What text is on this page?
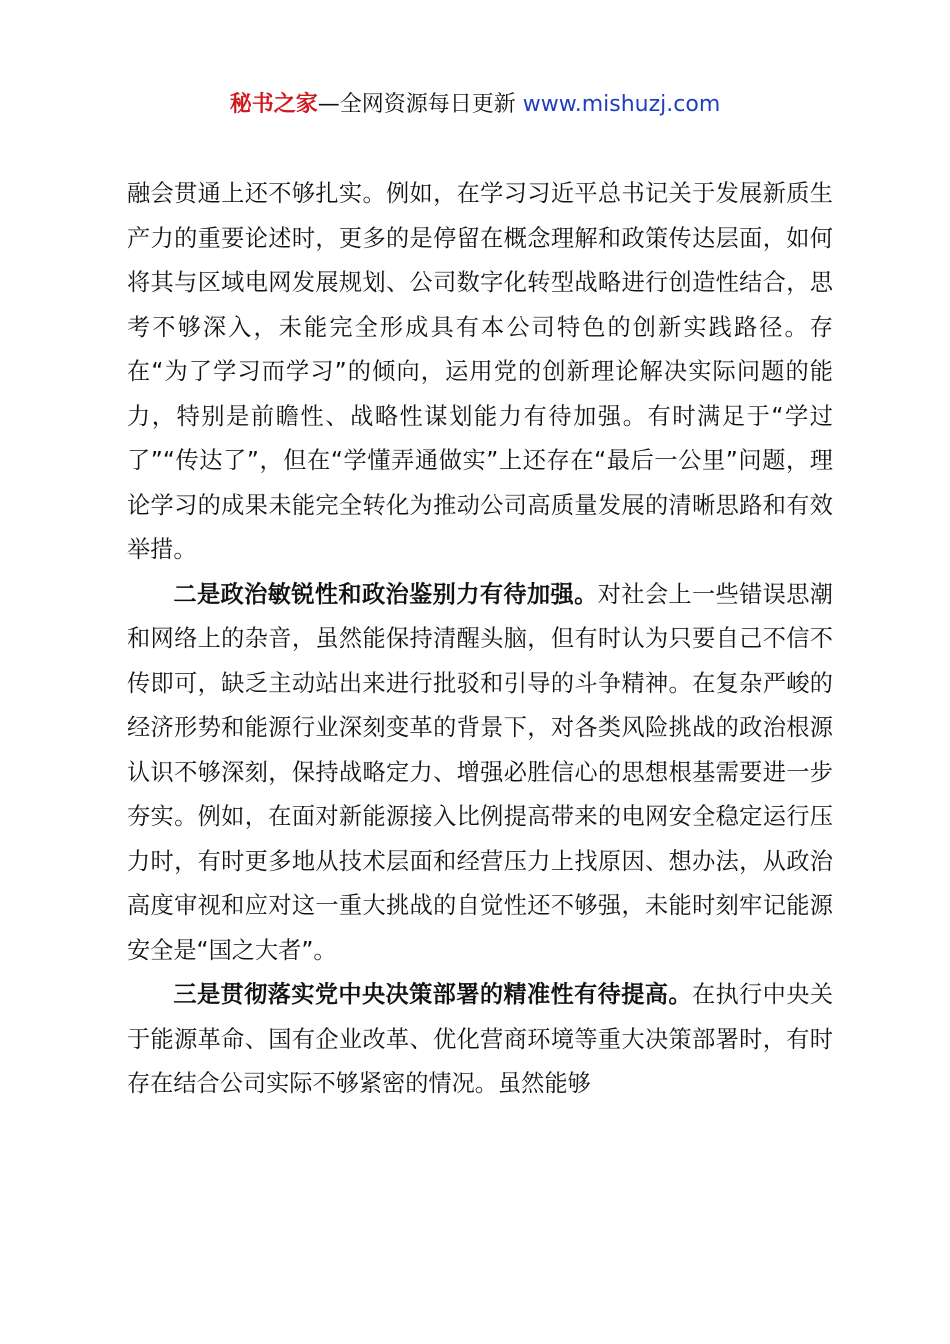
秘书之家—全网资源每日更新 www.mishuzj.com

融会贯通上还不够扎实。例如，在学习习近平总书记关于发展新质生产力的重要论述时，更多的是停留在概念理解和政策传达层面，如何将其与区域电网发展规划、公司数字化转型战略进行创造性结合，思考不够深入，未能完全形成具有本公司特色的创新实践路径。存在“为了学习而学习”的倾向，运用党的创新理论解决实际问题的能力，特别是前瞻性、战略性谋划能力有待加强。有时满足于“学过了”“传达了”，但在“学懂弄通做实”上还存在“最后一公里”问题，理论学习的成果未能完全转化为推动公司高质量发展的清晰思路和有效举措。

二是政治敏锐性和政治鉴别力有待加强。对社会上一些错误思潮和网络上的杂音，虽然能保持清醒头脑，但有时认为只要自己不信不传即可，缺乏主动站出来进行批驳和引导的斗争精神。在复杂严峻的经济形势和能源行业深刻变革的背景下，对各类风险挑战的政治根源认识不够深刻，保持战略定力、增强必胜信心的思想根基需要进一步夯实。例如，在面对新能源接入比例提高带来的电网安全稳定运行压力时，有时更多地从技术层面和经营压力上找原因、想办法，从政治高度审视和应对这一重大挑战的自觉性还不够强，未能时刻牢记能源安全是“国之大者”。

三是贯彻落实党中央决策部署的精准性有待提高。在执行中央关于能源革命、国有企业改革、优化营商环境等重大决策部署时，有时存在结合公司实际不够紧密的情况。虽然能够
